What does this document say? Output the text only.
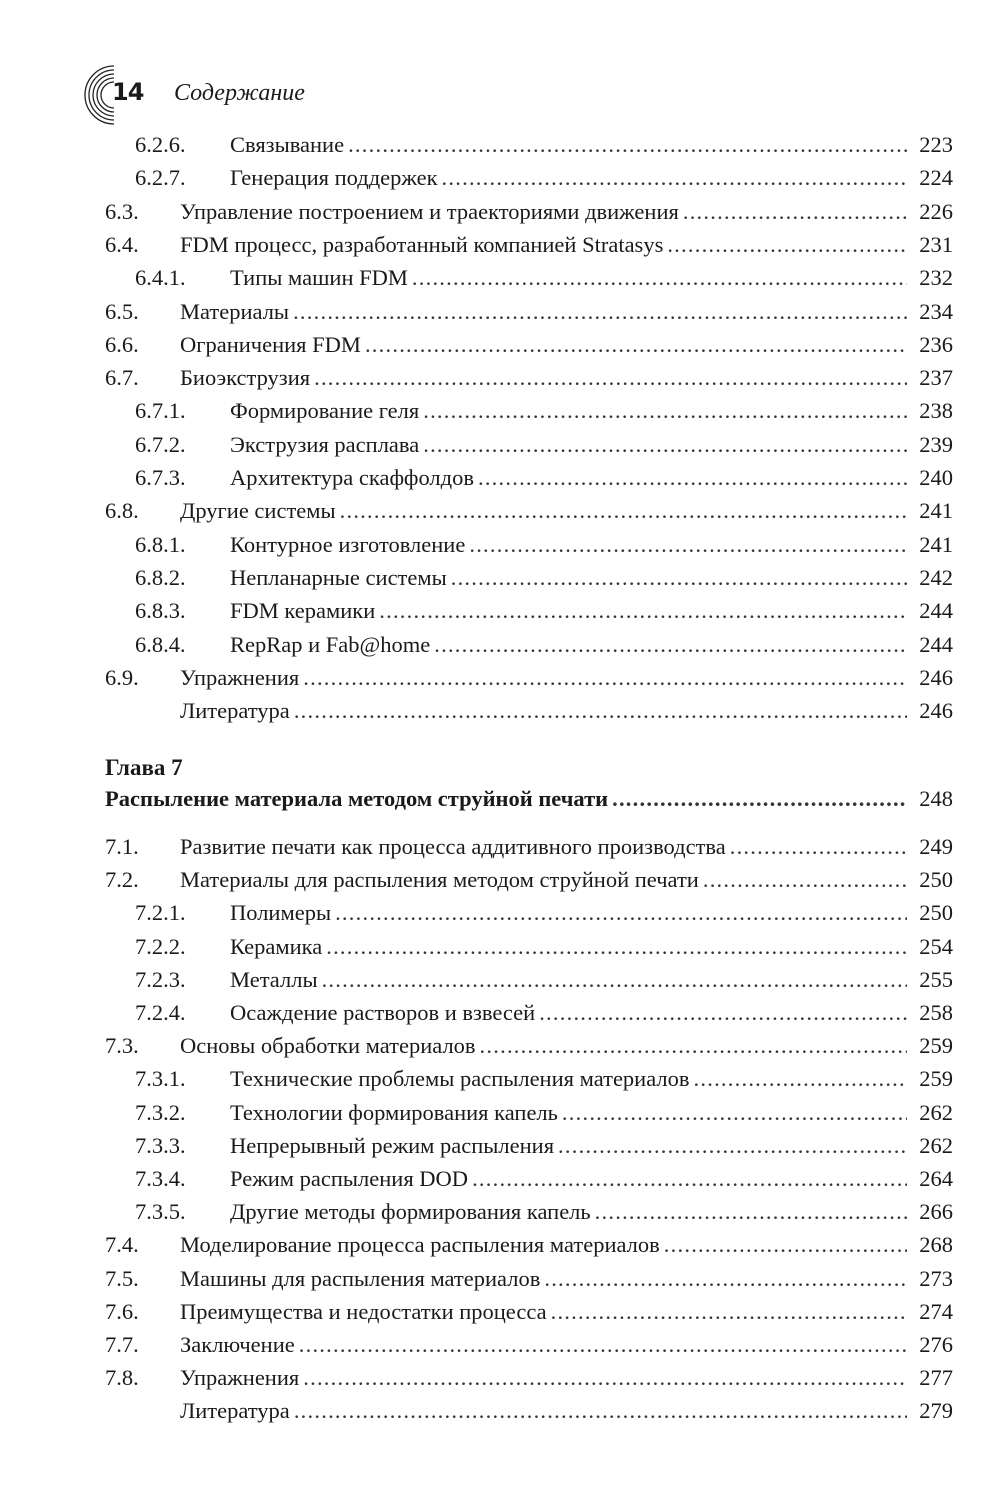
14 Содержание
Глава 7
Распыление материала методом струйной печати . . .	248
6.2.6.	Связывание . . .	223
6.2.7.	Генерация поддержек . . .	224
6.3.	Управление построением и траекториями движения . . .	226
6.4.	FDM процесс, разработанный компанией Stratasys . . .	231
6.4.1.	Типы машин FDM . . .	232
6.5.	Материалы . . .	234
6.6.	Ограничения FDM . . .	236
6.7.	Биоэкструзия . . .	237
6.7.1.	Формирование геля . . .	238
6.7.2.	Экструзия расплава . . .	239
6.7.3.	Архитектура скаффолдов . . .	240
6.8.	Другие системы . . .	241
6.8.1.	Контурное изготовление . . .	241
6.8.2.	Непланарные системы . . .	242
6.8.3.	FDM керамики . . .	244
6.8.4.	RepRap и Fab@home . . .	244
6.9.	Упражнения . . .	246
Литература . . .	246
7.1.	Развитие печати как процесса аддитивного производства . . .	249
7.2.	Материалы для распыления методом струйной печати . . .	250
7.2.1.	Полимеры . . .	250
7.2.2.	Керамика . . .	254
7.2.3.	Металлы . . .	255
7.2.4.	Осаждение растворов и взвесей . . .	258
7.3.	Основы обработки материалов . . .	259
7.3.1.	Технические проблемы распыления материалов . . .	259
7.3.2.	Технологии формирования капель . . .	262
7.3.3.	Непрерывный режим распыления . . .	262
7.3.4.	Режим распыления DOD . . .	264
7.3.5.	Другие методы формирования капель . . .	266
7.4.	Моделирование процесса распыления материалов . . .	268
7.5.	Машины для распыления материалов . . .	273
7.6.	Преимущества и недостатки процесса . . .	274
7.7.	Заключение . . .	276
7.8.	Упражнения . . .	277
Литература . . .	279
